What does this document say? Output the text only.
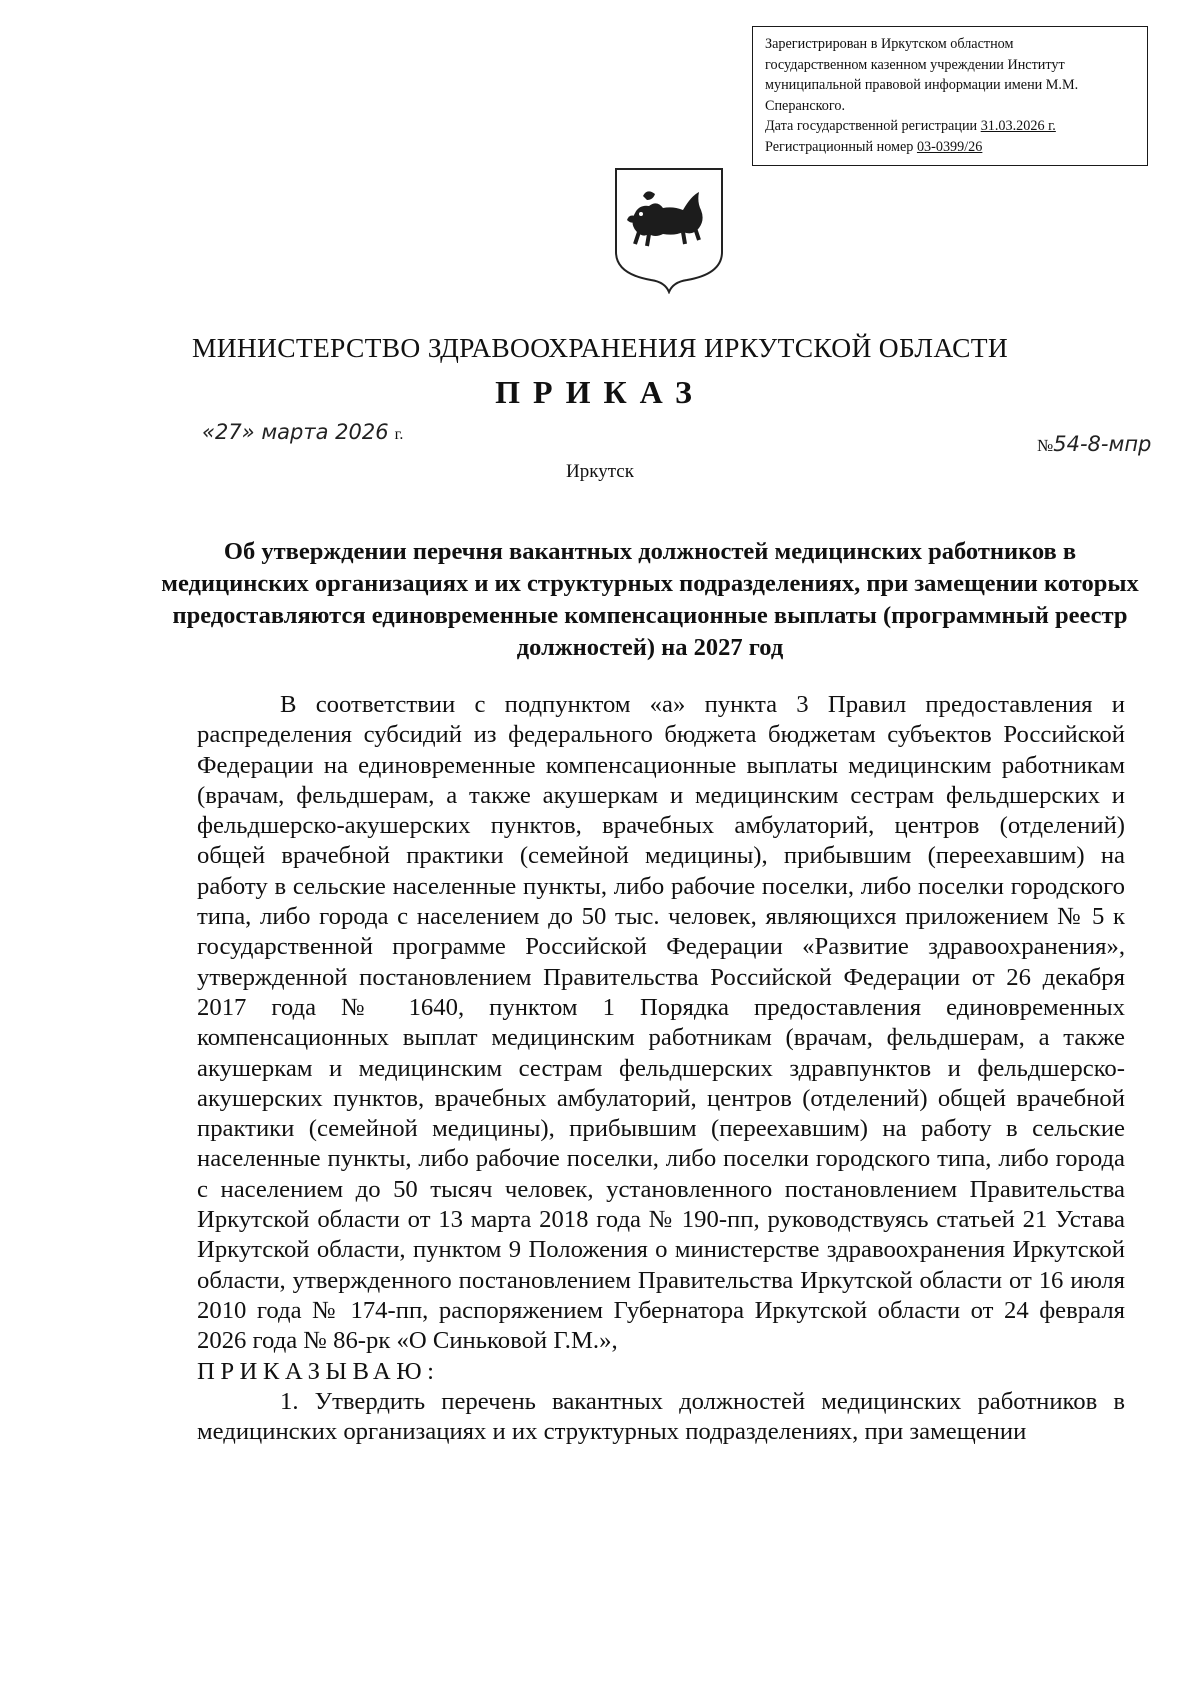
Зарегистрирован в Иркутском областном
государственном казенном учреждении Институт
муниципальной правовой информации имени М.М.
Сперанского.
Дата государственной регистрации 31.03.2026 г.
Регистрационный номер 03-0399/26
МИНИСТЕРСТВО ЗДРАВООХРАНЕНИЯ ИРКУТСКОЙ ОБЛАСТИ
ПРИКАЗ
«27» марта 2026 г.
№54-8-мпр
Иркутск
Об утверждении перечня вакантных должностей медицинских работников в медицинских организациях и их структурных подразделениях, при замещении которых предоставляются единовременные компенсационные выплаты (программный реестр должностей) на 2027 год

В соответствии с подпунктом «а» пункта 3 Правил предоставления и распределения субсидий из федерального бюджета бюджетам субъектов Российской Федерации на единовременные компенсационные выплаты медицинским работникам (врачам, фельдшерам, а также акушеркам и медицинским сестрам фельдшерских и фельдшерско-акушерских пунктов, врачебных амбулаторий, центров (отделений) общей врачебной практики (семейной медицины), прибывшим (переехавшим) на работу в сельские населенные пункты, либо рабочие поселки, либо поселки городского типа, либо города с населением до 50 тыс. человек, являющихся приложением № 5 к государственной программе Российской Федерации «Развитие здравоохранения», утвержденной постановлением Правительства Российской Федерации от 26 декабря 2017 года № 1640, пунктом 1 Порядка предоставления единовременных компенсационных выплат медицинским работникам (врачам, фельдшерам, а также акушеркам и медицинским сестрам фельдшерских здравпунктов и фельдшерско-акушерских пунктов, врачебных амбулаторий, центров (отделений) общей врачебной практики (семейной медицины), прибывшим (переехавшим) на работу в сельские населенные пункты, либо рабочие поселки, либо поселки городского типа, либо города с населением до 50 тысяч человек, установленного постановлением Правительства Иркутской области от 13 марта 2018 года № 190-пп, руководствуясь статьей 21 Устава Иркутской области, пунктом 9 Положения о министерстве здравоохранения Иркутской области, утвержденного постановлением Правительства Иркутской области от 16 июля 2010 года № 174-пп, распоряжением Губернатора Иркутской области от 24 февраля 2026 года № 86-рк «О Синьковой Г.М.»,

ПРИКАЗЫВАЮ:

1. Утвердить перечень вакантных должностей медицинских работников в медицинских организациях и их структурных подразделениях, при замещении
